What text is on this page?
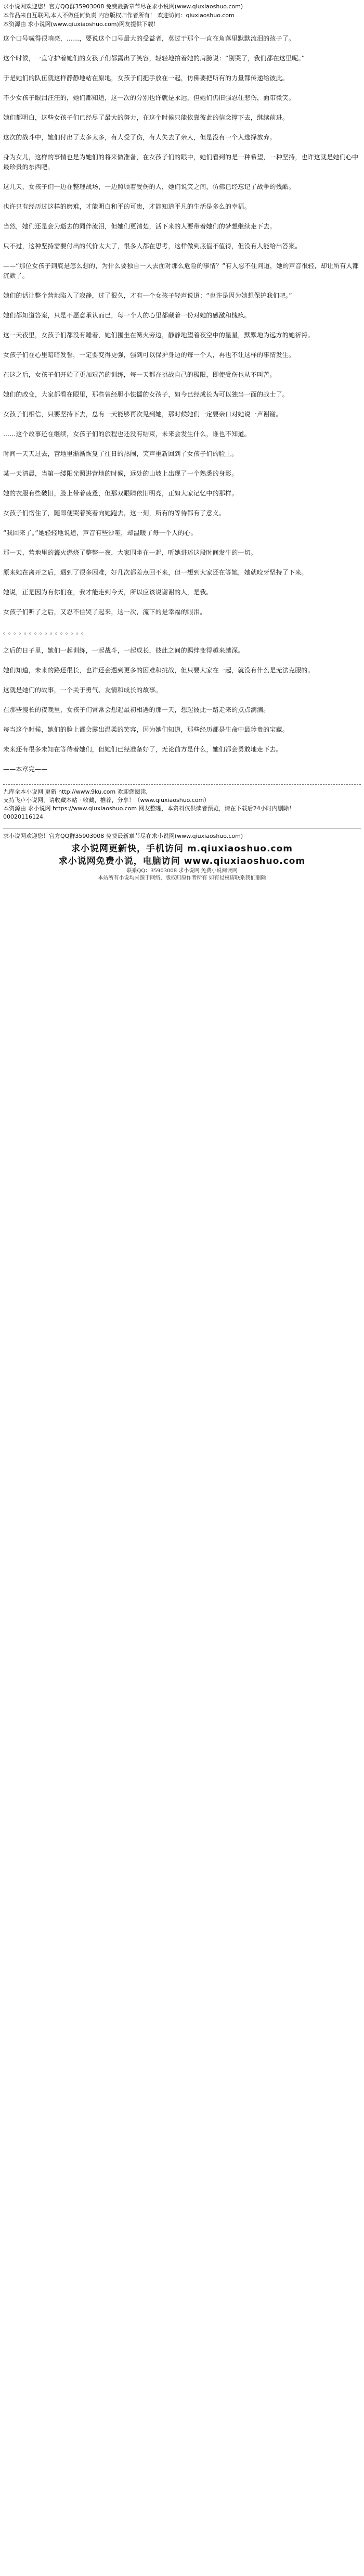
求小说网欢迎您！官方QQ群35903008 免费最新章节尽在求小说网(www.qiuxiaoshuo.com)
本作品来自互联网,本人不做任何负责 内容版权归作者所有！ 欢迎访问：qiuxiaoshuo.com
本资源由 求小说网(www.qiuxiaoshuo.com)网友提供下载！
这个口号喊得很响亮，……，要说这个口号最大的受益者，莫过于那个一直在角落里默默流泪的孩子了。
这个时候，一直守护着她们的女孩子们都露出了笑容，轻轻地拍着她的肩膀说：“别哭了，我们都在这里呢。”
于是她们的队伍就这样静静地站在原地，女孩子们把手放在一起，仿佛要把所有的力量都传递给彼此。
不少女孩子眼泪汪汪的，她们都知道，这一次的分别也许就是永远，但她们仍旧强忍住悲伤，面带微笑。
她们都明白，这些女孩子们已经尽了最大的努力，在这个时候只能依靠彼此的信念撑下去，继续前进。
这次的战斗中，她们付出了太多太多，有人受了伤，有人失去了亲人，但是没有一个人选择放弃。
身为女儿，这样的事情也是为她们的将来做准备，在女孩子们的眼中，她们看到的是一种希望，一种坚持，也许这就是她们心中最珍贵的东西吧。
这几天，女孩子们一边在整理战场，一边照顾着受伤的人，她们说笑之间，仿佛已经忘记了战争的残酷。
也许只有经历过这样的磨难，才能明白和平的可贵，才能知道平凡的生活是多么的幸福。
当然，她们还是会为逝去的同伴流泪，但她们更清楚，活下来的人要带着她们的梦想继续走下去。
只不过，这种坚持需要付出的代价太大了，很多人都在思考，这样做到底值不值得，但没有人能给出答案。
——“那位女孩子到底是怎么想的，为什么要独自一人去面对那么危险的事情？”有人忍不住问道，她的声音很轻，却让所有人都沉默了。
她们的话让整个营地陷入了寂静，过了很久，才有一个女孩子轻声说道：“也许是因为她想保护我们吧。”
她们都知道答案，只是不愿意承认而已，每一个人的心里都藏着一份对她的感激和愧疚。
这一天夜里，女孩子们都没有睡着，她们围坐在篝火旁边，静静地望着夜空中的星星，默默地为远方的她祈祷。
女孩子们在心里暗暗发誓，一定要变得更强，强到可以保护身边的每一个人，再也不让这样的事情发生。
在这之后，女孩子们开始了更加艰苦的训练，每一天都在挑战自己的极限，即使受伤也从不叫苦。
她们的改变，大家都看在眼里，那些曾经胆小怯懦的女孩子，如今已经成长为可以独当一面的战士了。
女孩子们相信，只要坚持下去，总有一天能够再次见到她，那时候她们一定要亲口对她说一声谢谢。
……这个故事还在继续，女孩子们的旅程也还没有结束，未来会发生什么，谁也不知道。
时间一天天过去，营地里渐渐恢复了往日的热闹，笑声重新回到了女孩子们的脸上。
某一天清晨，当第一缕阳光照进营地的时候，远处的山坡上出现了一个熟悉的身影。
她的衣服有些破旧，脸上带着疲惫，但那双眼睛依旧明亮，正如大家记忆中的那样。
女孩子们愣住了，随即便哭着笑着向她跑去，这一刻，所有的等待都有了意义。
“我回来了。”她轻轻地说道，声音有些沙哑，却温暖了每一个人的心。
那一天，营地里的篝火燃烧了整整一夜，大家围坐在一起，听她讲述这段时间发生的一切。
原来她在离开之后，遇到了很多困难，好几次都差点回不来，但一想到大家还在等她，她就咬牙坚持了下来。
她说，正是因为有你们在，我才能走到今天，所以应该说谢谢的人，是我。
女孩子们听了之后，又忍不住哭了起来，这一次，流下的是幸福的眼泪。
。。。。。。。。。。。。。。。。
之后的日子里，她们一起训练，一起战斗，一起成长，彼此之间的羁绊变得越来越深。
她们知道，未来的路还很长，也许还会遇到更多的困难和挑战，但只要大家在一起，就没有什么是无法克服的。
这就是她们的故事，一个关于勇气、友情和成长的故事。
在那些漫长的夜晚里，女孩子们常常会想起最初相遇的那一天，想起彼此一路走来的点点滴滴。
每当这个时候，她们的脸上都会露出温柔的笑容，因为她们知道，那些经历都是生命中最珍贵的宝藏。
未来还有很多未知在等待着她们，但她们已经准备好了，无论前方是什么，她们都会勇敢地走下去。
——本章完——
九库全本小说网 更新 http://www.9ku.com 欢迎您阅读，
支持飞卢小说网，请收藏本站 · 收藏，推荐，分享！（www.qiuxiaoshuo.com）
本资源由 求小说网 https://www.qiuxiaoshuo.com 网友整理，本资料仅供读者预览，请在下载后24小时内删除！
00020116124
求小说网欢迎您！官方QQ群35903008 免费最新章节尽在求小说网(www.qiuxiaoshuo.com)
求小说网更新快，手机访问 m.qiuxiaoshuo.com
求小说网免费小说，电脑访问 www.qiuxiaoshuo.com
联系QQ：35903008 求小说网 免费小说阅读网
本站所有小说均来源于网络，版权归原作者所有 如有侵权请联系我们删除
